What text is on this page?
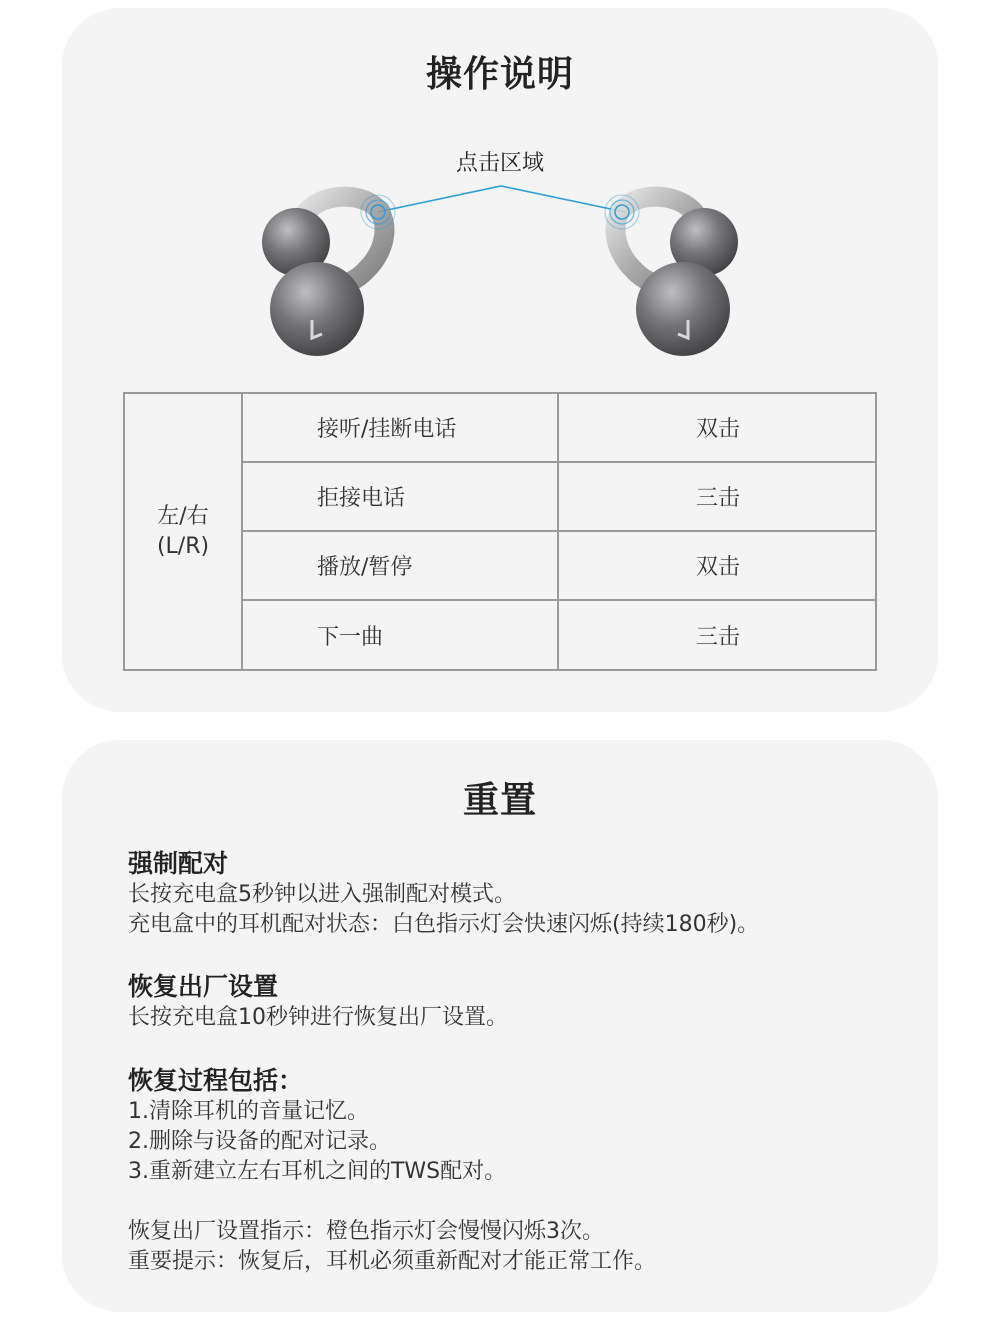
操作说明
点击区域
左/右
(L/R)
接听/挂断电话	双击
拒接电话	三击
播放/暂停	双击
下一曲	三击
重置
强制配对
长按充电盒5秒钟以进入强制配对模式。
充电盒中的耳机配对状态：白色指示灯会快速闪烁(持续180秒)。
恢复出厂设置
长按充电盒10秒钟进行恢复出厂设置。
恢复过程包括：
1.清除耳机的音量记忆。
2.删除与设备的配对记录。
3.重新建立左右耳机之间的TWS配对。
恢复出厂设置指示：橙色指示灯会慢慢闪烁3次。
重要提示：恢复后，耳机必须重新配对才能正常工作。
